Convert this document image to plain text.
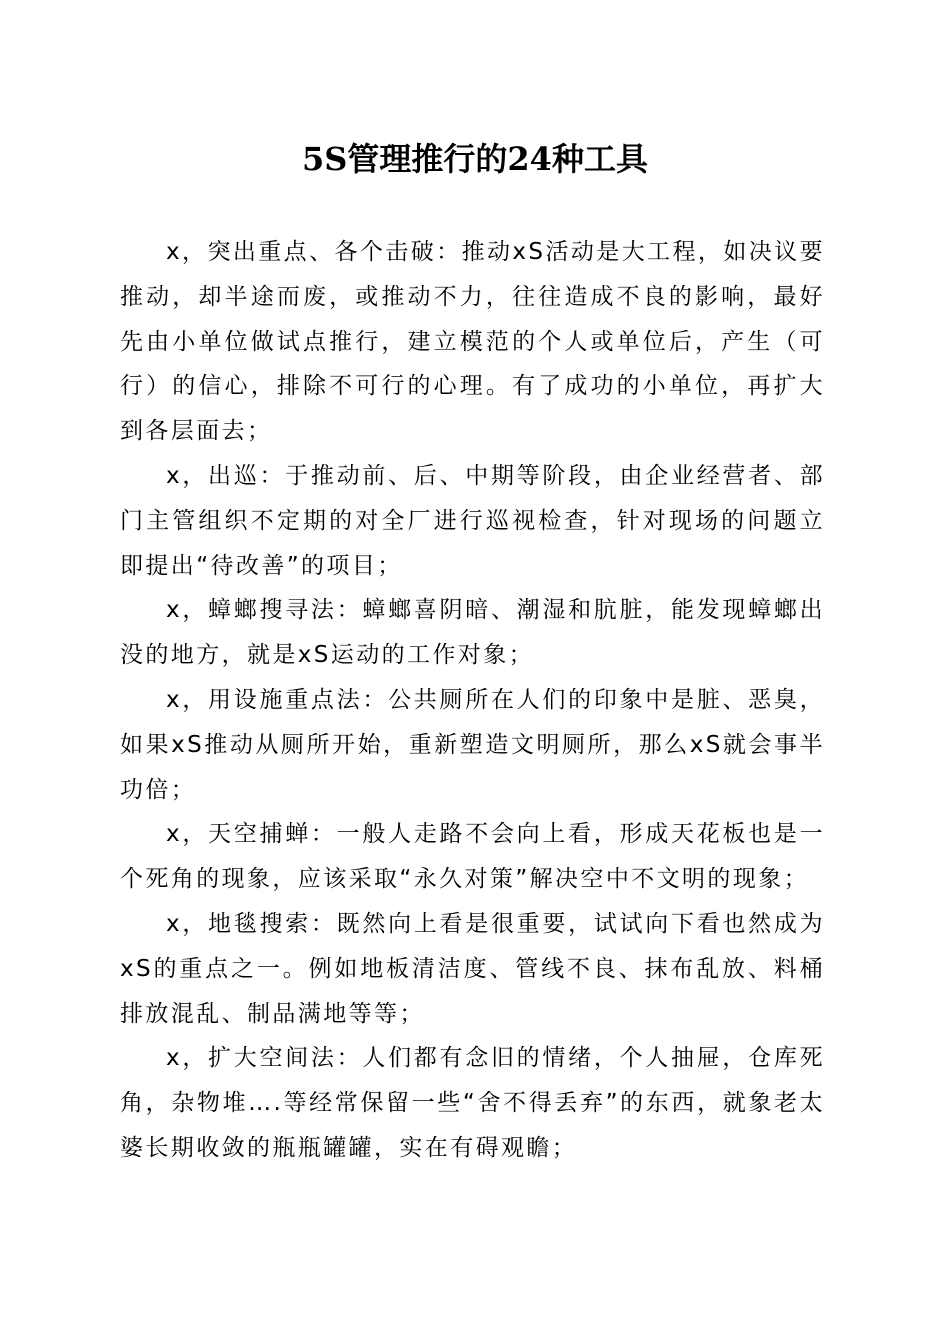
5S管理推行的24种工具

x，突出重点、各个击破：推动xS活动是大工程，如决议要推动，却半途而废，或推动不力，往往造成不良的影响，最好先由小单位做试点推行，建立模范的个人或单位后，产生（可行）的信心，排除不可行的心理。有了成功的小单位，再扩大到各层面去；

x，出巡：于推动前、后、中期等阶段，由企业经营者、部门主管组织不定期的对全厂进行巡视检查，针对现场的问题立即提出“待改善”的项目；

x，蟑螂搜寻法：蟑螂喜阴暗、潮湿和肮脏，能发现蟑螂出没的地方，就是xS运动的工作对象；

x，用设施重点法：公共厕所在人们的印象中是脏、恶臭，如果xS推动从厕所开始，重新塑造文明厕所，那么xS就会事半功倍；

x，天空捕蝉：一般人走路不会向上看，形成天花板也是一个死角的现象，应该采取“永久对策”解决空中不文明的现象；

x，地毯搜索：既然向上看是很重要，试试向下看也然成为xS的重点之一。例如地板清洁度、管线不良、抹布乱放、料桶排放混乱、制品满地等等；

x，扩大空间法：人们都有念旧的情绪，个人抽屉，仓库死角，杂物堆….等经常保留一些“舍不得丢弃”的东西，就象老太婆长期收敛的瓶瓶罐罐，实在有碍观瞻；
